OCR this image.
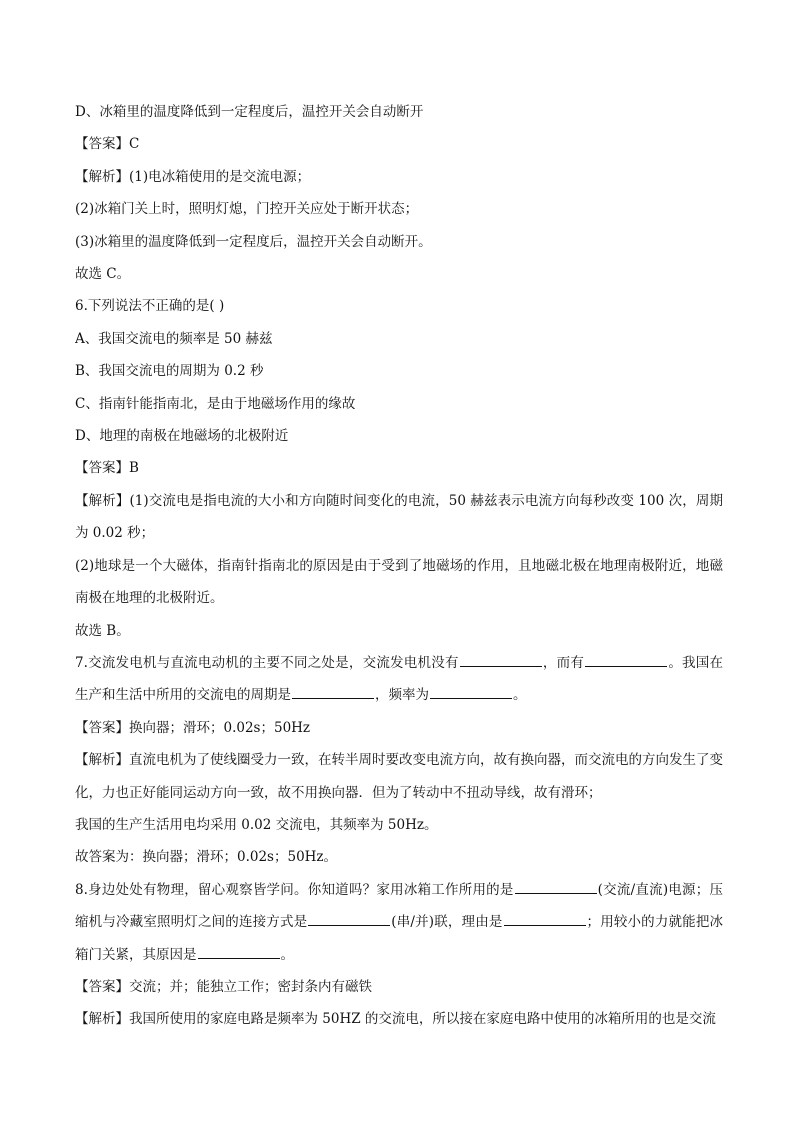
D、冰箱里的温度降低到一定程度后，温控开关会自动断开
【答案】C
【解析】(1)电冰箱使用的是交流电源；
(2)冰箱门关上时，照明灯熄，门控开关应处于断开状态；
(3)冰箱里的温度降低到一定程度后，温控开关会自动断开。
故选 C。
6.下列说法不正确的是( )
A、我国交流电的频率是 50 赫兹
B、我国交流电的周期为 0.2 秒
C、指南针能指南北，是由于地磁场作用的缘故
D、地理的南极在地磁场的北极附近
【答案】B
【解析】(1)交流电是指电流的大小和方向随时间变化的电流，50 赫兹表示电流方向每秒改变 100 次，周期为 0.02 秒；
(2)地球是一个大磁体，指南针指南北的原因是由于受到了地磁场的作用，且地磁北极在地理南极附近，地磁南极在地理的北极附近。
故选 B。
7.交流发电机与直流电动机的主要不同之处是，交流发电机没有	，而有	。我国在生产和生活中所用的交流电的周期是	，频率为	。
【答案】换向器；滑环；0.02s；50Hz
【解析】直流电机为了使线圈受力一致，在转半周时要改变电流方向，故有换向器，而交流电的方向发生了变化，力也正好能同运动方向一致，故不用换向器．但为了转动中不扭动导线，故有滑环；
我国的生产生活用电均采用 0.02 交流电，其频率为 50Hz。
故答案为：换向器；滑环；0.02s；50Hz。
8.身边处处有物理，留心观察皆学问。你知道吗？家用冰箱工作所用的是	(交流/直流)电源；压缩机与冷藏室照明灯之间的连接方式是	(串/并)联，理由是	；用较小的力就能把冰箱门关紧，其原因是	。
【答案】交流；并；能独立工作；密封条内有磁铁
【解析】我国所使用的家庭电路是频率为 50HZ 的交流电，所以接在家庭电路中使用的冰箱所用的也是交流
